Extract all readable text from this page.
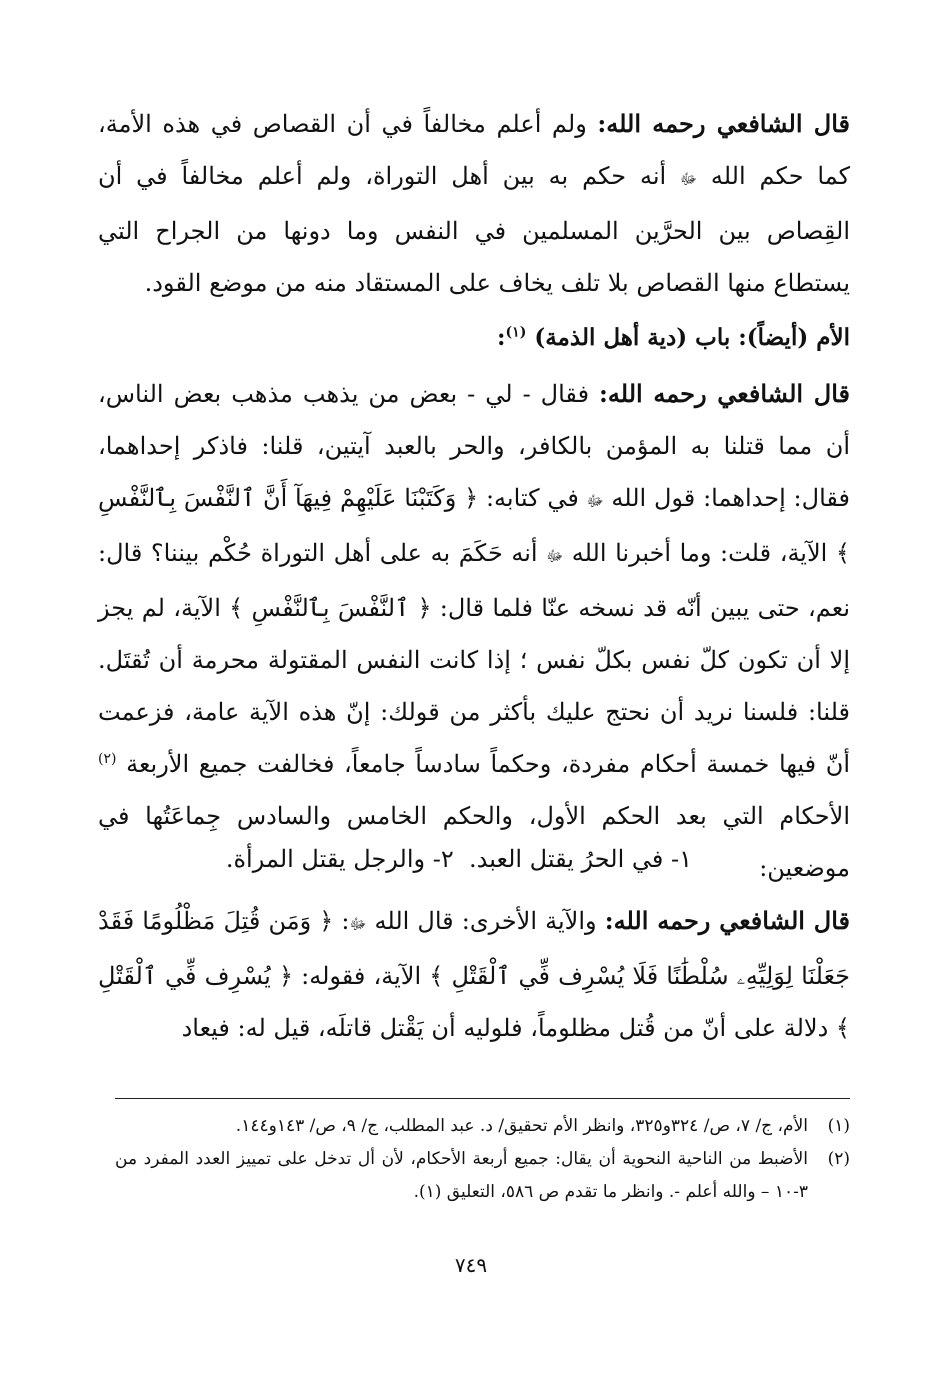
قال الشافعي رحمه الله: ولم أعلم مخالفاً في أن القصاص في هذه الأمة، كما حكم الله ﷻ أنه حكم به بين أهل التوراة، ولم أعلم مخالفاً في أن القِصاص بين الحرَّين المسلمين في النفس وما دونها من الجراح التي يستطاع منها القصاص بلا تلف يخاف على المستقاد منه من موضع القود.

الأم (أيضاً): باب (دية أهل الذمة) $^{(١)}$:

قال الشافعي رحمه الله: فقال - لي - بعض من يذهب مذهب بعض الناس، أن مما قتلنا به المؤمن بالكافر، والحر بالعبد آيتين، قلنا: فاذكر إحداهما، فقال: إحداهما: قول الله ﷻ في كتابه: ﴿ وَكَتَبْنَا عَلَيْهِمْ فِيهَآ أَنَّ ٱلنَّفْسَ بِٱلنَّفْسِ ﴾ الآية، قلت: وما أخبرنا الله ﷻ أنه حَكَمَ به على أهل التوراة حُكْم بيننا؟ قال: نعم، حتى يبين أنّه قد نسخه عنّا فلما قال: ﴿ ٱلنَّفْسَ بِٱلنَّفْسِ ﴾ الآية، لم يجز إلا أن تكون كلّ نفس بكلّ نفس ؛ إذا كانت النفس المقتولة محرمة أن تُقتَل. قلنا: فلسنا نريد أن نحتج عليك بأكثر من قولك: إنّ هذه الآية عامة، فزعمت أنّ فيها خمسة أحكام مفردة، وحكماً سادساً جامعاً، فخالفت جميع الأربعة $^{(٢)}$ الأحكام التي بعد الحكم الأول، والحكم الخامس والسادس جِماعَتُها في موضعين:

١- في الحرُ يقتل العبد.  ٢- والرجل يقتل المرأة.

قال الشافعي رحمه الله: والآية الأخرى: قال الله ﷻ: ﴿ وَمَن قُتِلَ مَظْلُومًا فَقَدْ جَعَلْنَا لِوَلِيِّهِۦ سُلْطَٰنًا فَلَا يُسْرِف فِّي ٱلْقَتْلِ ﴾ الآية، فقوله: ﴿ يُسْرِف فِّي ٱلْقَتْلِ ﴾ دلالة على أنّ من قُتل مظلوماً، فلوليه أن يَقْتل قاتلَه، قيل له: فيعاد

(١)
الأم، ج/ ٧، ص/ ٣٢٤و٣٢٥، وانظر الأم تحقيق/ د. عبد المطلب، ج/ ٩، ص/ ١٤٣و١٤٤.
(٢)
الأضبط من الناحية النحوية أن يقال: جميع أربعة الأحكام، لأن أل تدخل على تمييز العدد المفرد من ٣-١٠ – والله أعلم -. وانظر ما تقدم ص ٥٨٦، التعليق (١).
٧٤٩
